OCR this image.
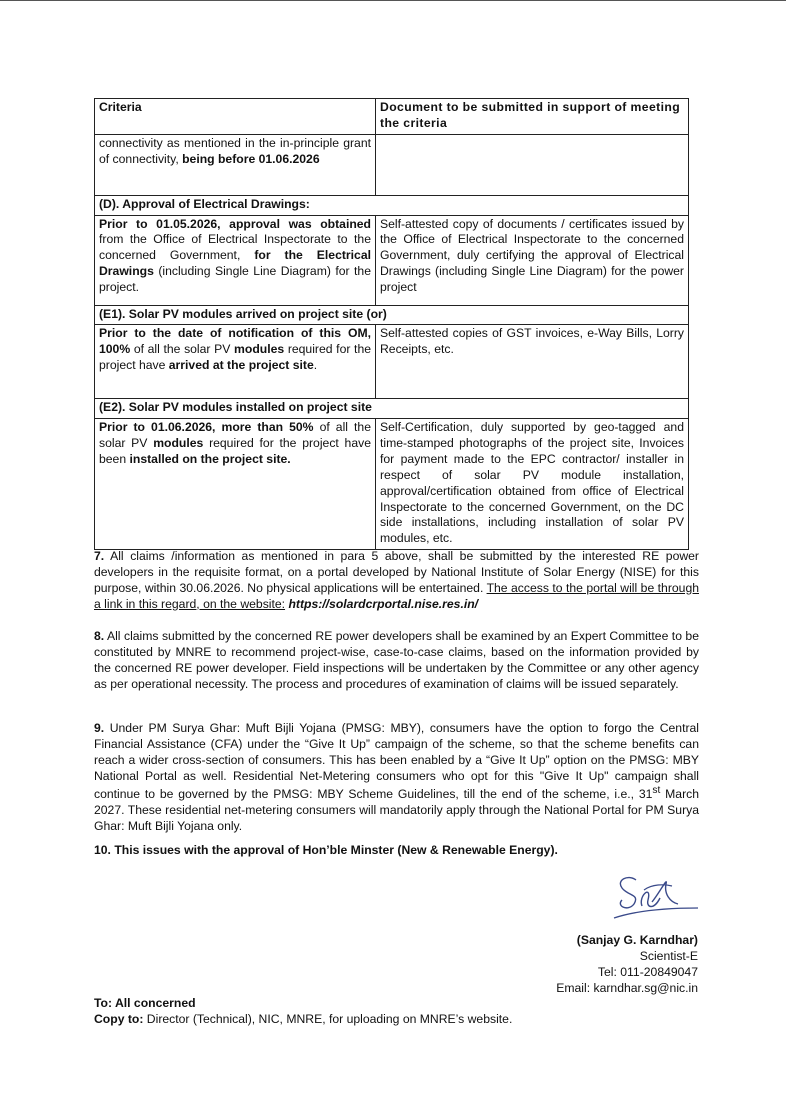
Criteria	Document to be submitted in support of meeting the criteria
connectivity as mentioned in the in-principle grant of connectivity, being before 01.06.2026	
(D). Approval of Electrical Drawings:	
Prior to 01.05.2026, approval was obtained from the Office of Electrical Inspectorate to the concerned Government, for the Electrical Drawings (including Single Line Diagram) for the project.	Self-attested copy of documents / certificates issued by the Office of Electrical Inspectorate to the concerned Government, duly certifying the approval of Electrical Drawings (including Single Line Diagram) for the power project
(E1). Solar PV modules arrived on project site (or)	
Prior to the date of notification of this OM, 100% of all the solar PV modules required for the project have arrived at the project site.	Self-attested copies of GST invoices, e-Way Bills, Lorry Receipts, etc.
(E2). Solar PV modules installed on project site	
Prior to 01.06.2026, more than 50% of all the solar PV modules required for the project have been installed on the project site.	Self-Certification, duly supported by geo-tagged and time-stamped photographs of the project site, Invoices for payment made to the EPC contractor/ installer in respect of solar PV module installation, approval/certification obtained from office of Electrical Inspectorate to the concerned Government, on the DC side installations, including installation of solar PV modules, etc.
7. All claims /information as mentioned in para 5 above, shall be submitted by the interested RE power developers in the requisite format, on a portal developed by National Institute of Solar Energy (NISE) for this purpose, within 30.06.2026. No physical applications will be entertained. The access to the portal will be through a link in this regard, on the website: https://solardcrportal.nise.res.in/
8. All claims submitted by the concerned RE power developers shall be examined by an Expert Committee to be constituted by MNRE to recommend project-wise, case-to-case claims, based on the information provided by the concerned RE power developer. Field inspections will be undertaken by the Committee or any other agency as per operational necessity. The process and procedures of examination of claims will be issued separately.
9. Under PM Surya Ghar: Muft Bijli Yojana (PMSG: MBY), consumers have the option to forgo the Central Financial Assistance (CFA) under the “Give It Up” campaign of the scheme, so that the scheme benefits can reach a wider cross-section of consumers. This has been enabled by a “Give It Up” option on the PMSG: MBY National Portal as well. Residential Net-Metering consumers who opt for this "Give It Up" campaign shall continue to be governed by the PMSG: MBY Scheme Guidelines, till the end of the scheme, i.e., 31st March 2027. These residential net-metering consumers will mandatorily apply through the National Portal for PM Surya Ghar: Muft Bijli Yojana only.
10. This issues with the approval of Hon’ble Minster (New & Renewable Energy).
(Sanjay G. Karndhar)
Scientist-E
Tel: 011-20849047
Email: karndhar.sg@nic.in
To: All concerned
Copy to: Director (Technical), NIC, MNRE, for uploading on MNRE’s website.
